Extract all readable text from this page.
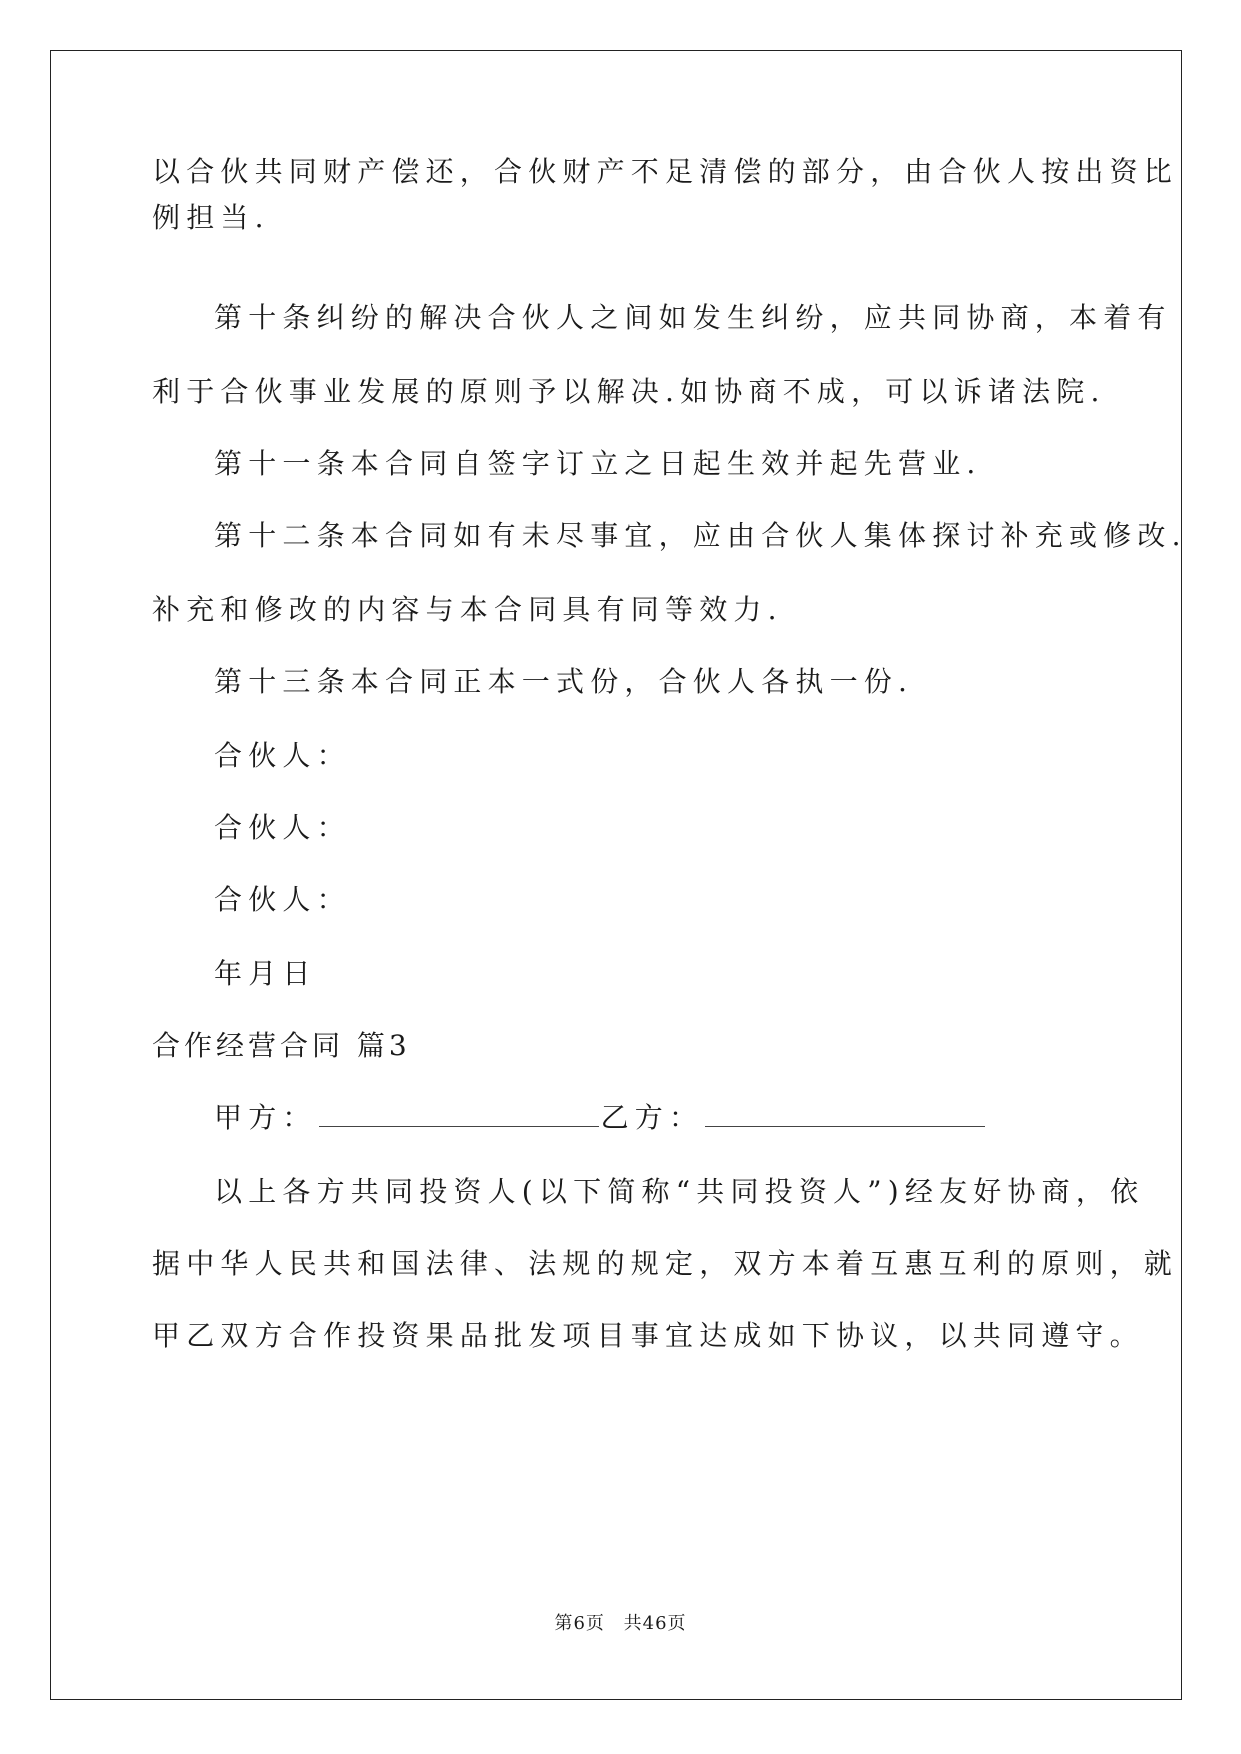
以合伙共同财产偿还，合伙财产不足清偿的部分，由合伙人按出资比
例担当.
第十条纠纷的解决合伙人之间如发生纠纷，应共同协商，本着有
利于合伙事业发展的原则予以解决.如协商不成，可以诉诸法院.
第十一条本合同自签字订立之日起生效并起先营业.
第十二条本合同如有未尽事宜，应由合伙人集体探讨补充或修改.
补充和修改的内容与本合同具有同等效力.
第十三条本合同正本一式份，合伙人各执一份.
合伙人：
合伙人：
合伙人：
年月日
合作经营合同 篇3
甲方：	乙方：
以上各方共同投资人(以下简称“共同投资人”)经友好协商，依
据中华人民共和国法律、法规的规定，双方本着互惠互利的原则，就
甲乙双方合作投资果品批发项目事宜达成如下协议，以共同遵守。
第6页 共46页
